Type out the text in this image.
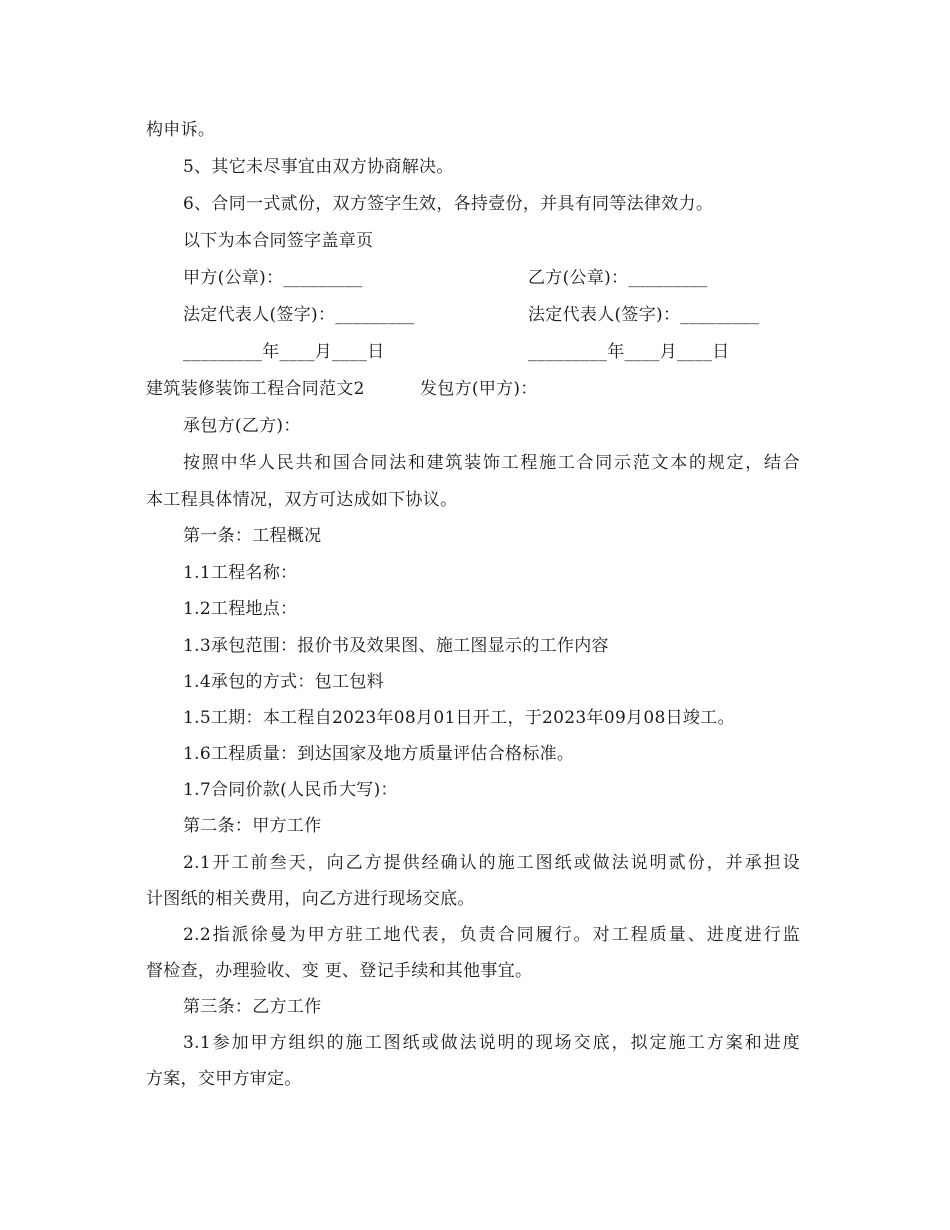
构申诉。
5、其它未尽事宜由双方协商解决。
6、合同一式贰份，双方签字生效，各持壹份，并具有同等法律效力。
以下为本合同签字盖章页
甲方(公章)：_________	乙方(公章)：_________
法定代表人(签字)：_________	法定代表人(签字)：_________
_________年____月____日	_________年____月____日
建筑装修装饰工程合同范文2	发包方(甲方)：
承包方(乙方)：
按照中华人民共和国合同法和建筑装饰工程施工合同示范文本的规定，结合
本工程具体情况，双方可达成如下协议。
第一条：工程概况
1.1工程名称：
1.2工程地点：
1.3承包范围：报价书及效果图、施工图显示的工作内容
1.4承包的方式：包工包料
1.5工期：本工程自2023年08月01日开工，于2023年09月08日竣工。
1.6工程质量：到达国家及地方质量评估合格标准。
1.7合同价款(人民币大写)：
第二条：甲方工作
2.1开工前叁天，向乙方提供经确认的施工图纸或做法说明贰份，并承担设
计图纸的相关费用，向乙方进行现场交底。
2.2指派徐曼为甲方驻工地代表，负责合同履行。对工程质量、进度进行监
督检查，办理验收、变 更、登记手续和其他事宜。
第三条：乙方工作
3.1参加甲方组织的施工图纸或做法说明的现场交底，拟定施工方案和进度
方案，交甲方审定。
